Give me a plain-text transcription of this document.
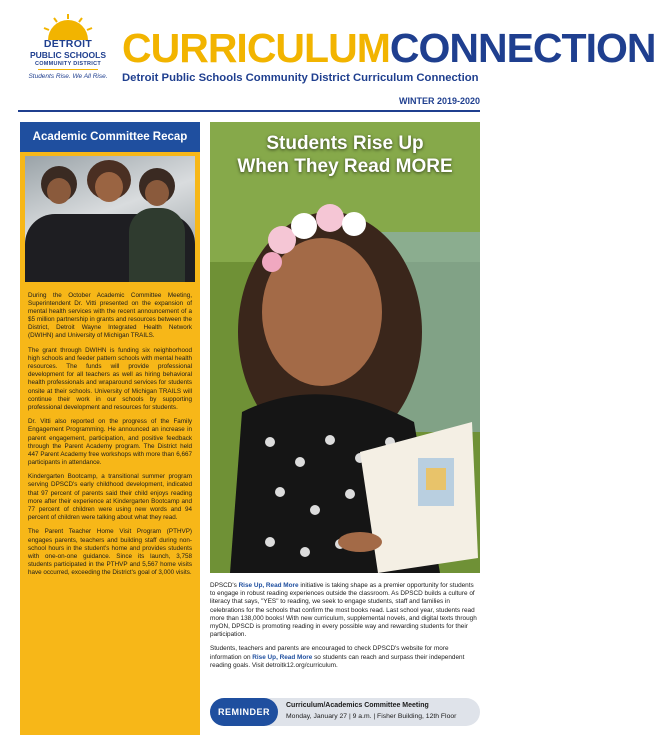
DETROIT
PUBLIC SCHOOLS
COMMUNITY DISTRICT
Students Rise. We All Rise.
CURRICULUMCONNECTION
Detroit Public Schools Community District Curriculum Connection
WINTER 2019-2020
Academic Committee Recap

During the October Academic Committee Meeting, Superintendent Dr. Vitti presented on the expansion of mental health services with the recent announcement of a $5 million partnership in grants and resources between the District, Detroit Wayne Integrated Health Network (DWIHN) and University of Michigan TRAILS.

The grant through DWIHN is funding six neighborhood high schools and feeder pattern schools with mental health resources. The funds will provide professional development for all teachers as well as hiring behavioral health professionals and wraparound services for students onsite at their schools. University of Michigan TRAILS will continue their work in our schools by supporting professional development and resources for students.

Dr. Vitti also reported on the progress of the Family Engagement Programming. He announced an increase in parent engagement, participation, and positive feedback through the Parent Academy program. The District held 447 Parent Academy free workshops with more than 6,667 participants in attendance.

Kindergarten Bootcamp, a transitional summer program serving DPSCD's early childhood development, indicated that 97 percent of parents said their child enjoys reading more after their experience at Kindergarten Bootcamp and 77 percent of children were using new words and 94 percent of children were talking about what they read.

The Parent Teacher Home Visit Program (PTHVP) engages parents, teachers and building staff during non-school hours in the student's home and provides students with one-on-one guidance. Since its launch, 3,758 students participated in the PTHVP and 5,567 home visits have occurred, exceeding the District's goal of 3,000 visits.

Students Rise Up
When They Read MORE

DPSCD's Rise Up, Read More initiative is taking shape as a premier opportunity for students to engage in robust reading experiences outside the classroom. As DPSCD builds a culture of literacy that says, "YES" to reading, we seek to engage students, staff and families in celebrations for the schools that confirm the most books read. Last school year, students read more than 138,000 books! With new curriculum, supplemental novels, and digital texts through myON, DPSCD is promoting reading in every possible way and rewarding students for their participation.

Students, teachers and parents are encouraged to check DPSCD's website for more information on Rise Up, Read More so students can reach and surpass their independent reading goals. Visit detroitk12.org/curriculum.

REMINDER
Curriculum/Academics Committee Meeting
Monday, January 27 | 9 a.m. | Fisher Building, 12th Floor
